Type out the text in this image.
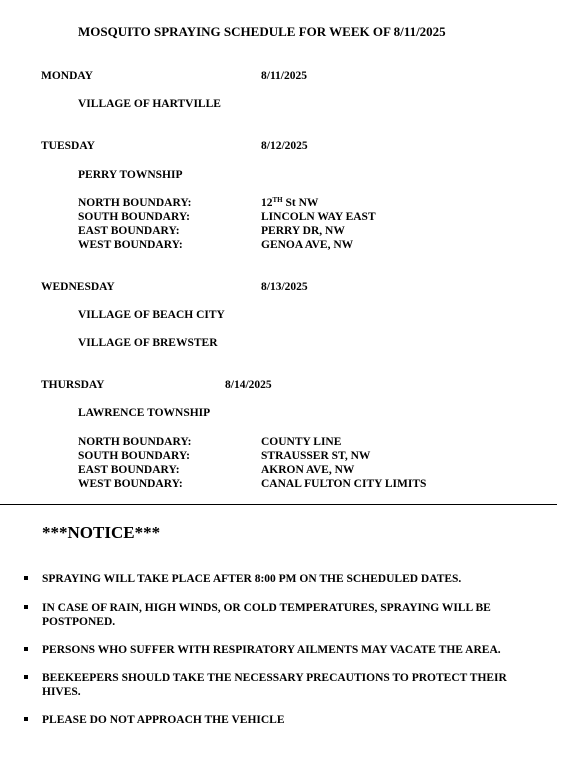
MOSQUITO SPRAYING SCHEDULE FOR WEEK OF 8/11/2025
MONDAY	8/11/2025
VILLAGE OF HARTVILLE
TUESDAY	8/12/2025
PERRY TOWNSHIP
NORTH BOUNDARY:	12TH St NW
SOUTH BOUNDARY:	LINCOLN WAY EAST
EAST BOUNDARY:	PERRY DR, NW
WEST BOUNDARY:	GENOA AVE, NW
WEDNESDAY	8/13/2025
VILLAGE OF BEACH CITY
VILLAGE OF BREWSTER
THURSDAY	8/14/2025
LAWRENCE TOWNSHIP
NORTH BOUNDARY:	COUNTY LINE
SOUTH BOUNDARY:	STRAUSSER ST, NW
EAST BOUNDARY:	AKRON AVE, NW
WEST BOUNDARY:	CANAL FULTON CITY LIMITS
***NOTICE***
SPRAYING WILL TAKE PLACE AFTER 8:00 PM ON THE SCHEDULED DATES.
IN CASE OF RAIN, HIGH WINDS, OR COLD TEMPERATURES, SPRAYING WILL BE POSTPONED.
PERSONS WHO SUFFER WITH RESPIRATORY AILMENTS MAY VACATE THE AREA.
BEEKEEPERS SHOULD TAKE THE NECESSARY PRECAUTIONS TO PROTECT THEIR HIVES.
PLEASE DO NOT APPROACH THE VEHICLE
